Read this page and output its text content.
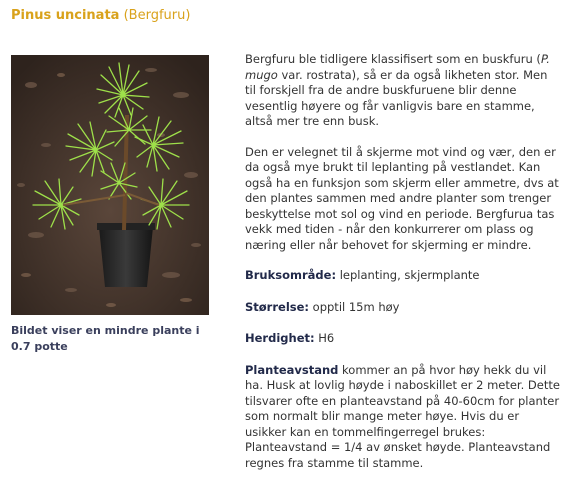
Pinus uncinata (Bergfuru)
Bildet viser en mindre plante i 0.7 potte

Bergfuru ble tidligere klassifisert som en buskfuru (P. mugo var. rostrata), så er da også likheten stor. Men til forskjell fra de andre buskfuruene blir denne vesentlig høyere og får vanligvis bare en stamme, altså mer tre enn busk.

Den er velegnet til å skjerme mot vind og vær, den er da også mye brukt til leplanting på vestlandet. Kan også ha en funksjon som skjerm eller ammetre, dvs at den plantes sammen med andre planter som trenger beskyttelse mot sol og vind en periode. Bergfurua tas vekk med tiden - når den konkurrerer om plass og næring eller når behovet for skjerming er mindre.

Bruksområde: leplanting, skjermplante

Størrelse: opptil 15m høy

Herdighet: H6

Planteavstand kommer an på hvor høy hekk du vil ha. Husk at lovlig høyde i naboskillet er 2 meter. Dette tilsvarer ofte en planteavstand på 40-60cm for planter som normalt blir mange meter høye. Hvis du er usikker kan en tommelfingerregel brukes: Planteavstand = 1/4 av ønsket høyde. Planteavstand regnes fra stamme til stamme.
